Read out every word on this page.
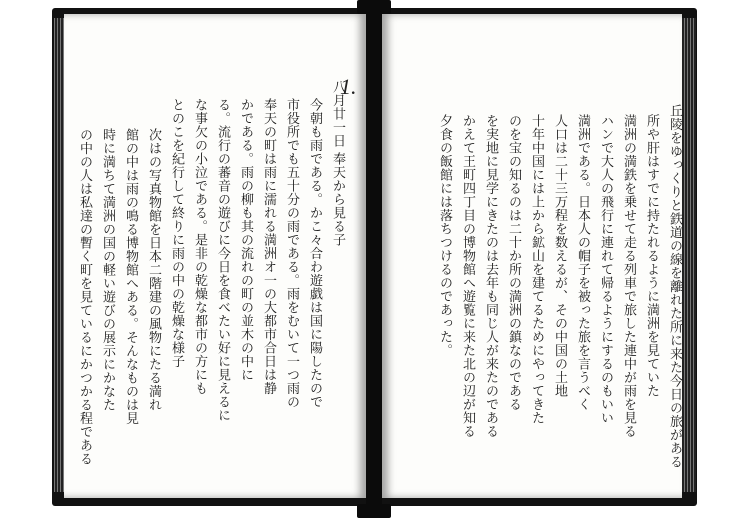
八月廿一日 奉天から見る子
今朝も雨である。かこ々合わ遊戯は国に陽したので
市役所でも五十分の雨である。雨をむいて一つ雨の
奉天の町は雨に濡れる満洲オ一の大都市合日は静
かである。雨の柳も其の流れの町の並木の中に
る。流行の蕃音の遊びに今日を食べたい好に見えるに
な事欠の小泣である。是非の乾燥な都市の方にも
とのこを紀行して終りに雨の中の乾燥な様子
次はの写真物館を日本二階建の風物にたる満れ
館の中は雨の鳴る博物館へある。そんなものは見
時に満ちて満洲の国の軽い遊びの展示にかなた
の中の人は私達の暫く町を見ているにかつかる程である
1.
丘陵をゆっくりと鉄道の線を離れた所に来た今日の旅がある
所や肝はすでに持たれるように満洲を見ていた
満洲の満鉄を乗せて走る列車で旅した連中が雨を見る
ハンで大人の飛行に連れて帰るようにするのもいい
満洲である。日本人の帽子を被った旅を言うべく
人口は二十三万程を数えるが、その中国の土地
十年中国には上から鉱山を建てるためにやってきた
のを宝の知るのは二十か所の満洲の鎮なのである
を実地に見学にきたのは去年も同じ人が来たのである
かえて王町四丁目の博物館へ遊覧に来た北の辺が知る
夕食の飯館には落ちつけるのであった。
